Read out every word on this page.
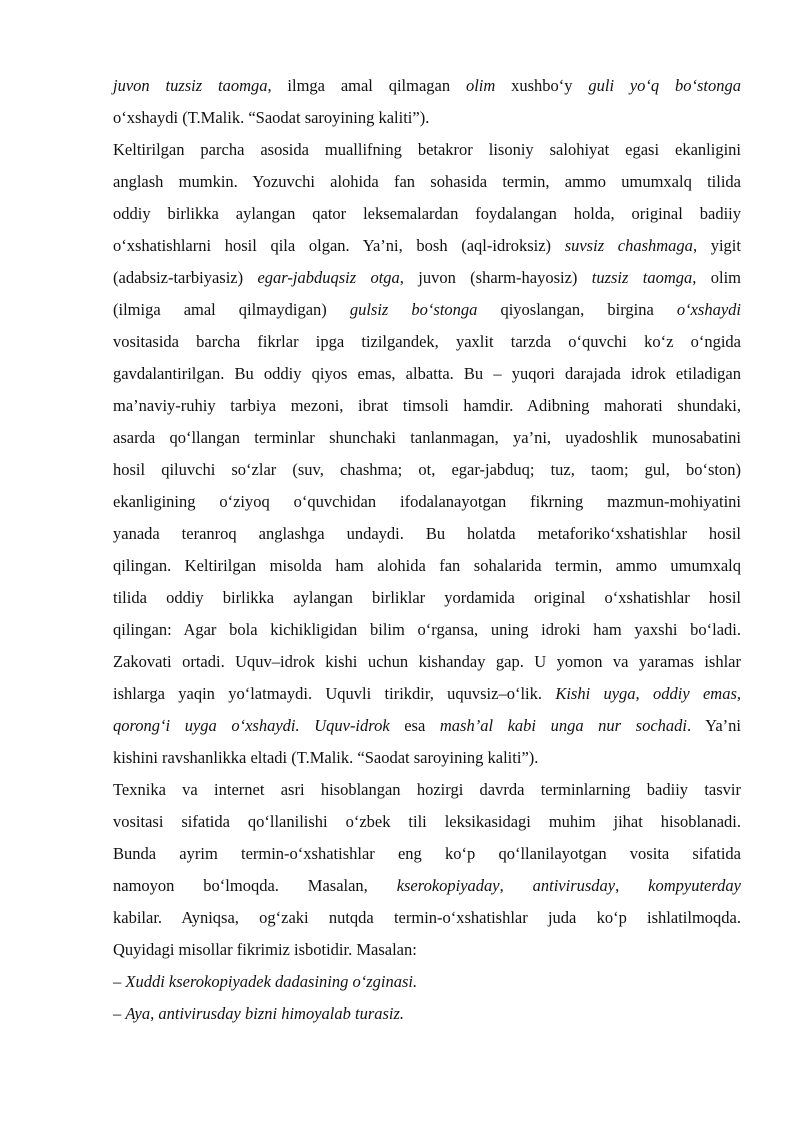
juvon tuzsiz taomga, ilmga amal qilmagan olim xushbo‘y guli yo‘q bo‘stonga
o‘xshaydi (T.Malik. “Saodat saroyining kaliti”).
Keltirilgan parcha asosida muallifning betakror lisoniy salohiyat egasi ekanligini
anglash mumkin. Yozuvchi alohida fan sohasida termin, ammo umumxalq tilida
oddiy birlikka aylangan qator leksemalardan foydalangan holda, original badiiy
o‘xshatishlarni hosil qila olgan. Ya’ni, bosh (aql-idroksiz) suvsiz chashmaga, yigit
(adabsiz-tarbiyasiz) egar-jabduqsiz otga, juvon (sharm-hayosiz) tuzsiz taomga, olim
(ilmiga amal qilmaydigan) gulsiz bo‘stonga qiyoslangan, birgina o‘xshaydi
vositasida barcha fikrlar ipga tizilgandek, yaxlit tarzda o‘quvchi ko‘z o‘ngida
gavdalantirilgan. Bu oddiy qiyos emas, albatta. Bu – yuqori darajada idrok etiladigan
ma’naviy-ruhiy tarbiya mezoni, ibrat timsoli hamdir. Adibning mahorati shundaki,
asarda qo‘llangan terminlar shunchaki tanlanmagan, ya’ni, uyadoshlik munosabatini
hosil qiluvchi so‘zlar (suv, chashma; ot, egar-jabduq; tuz, taom; gul, bo‘ston)
ekanligining o‘ziyoq o‘quvchidan ifodalanayotgan fikrning mazmun-mohiyatini
yanada teranroq anglashga undaydi. Bu holatda metaforiko‘xshatishlar hosil
qilingan. Keltirilgan misolda ham alohida fan sohalarida termin, ammo umumxalq
tilida oddiy birlikka aylangan birliklar yordamida original o‘xshatishlar hosil
qilingan: Agar bola kichikligidan bilim o‘rgansa, uning idroki ham yaxshi bo‘ladi.
Zakovati ortadi. Uquv–idrok kishi uchun kishanday gap. U yomon va yaramas ishlar
ishlarga yaqin yo‘latmaydi. Uquvli tirikdir, uquvsiz–o‘lik. Kishi uyga, oddiy emas,
qorong‘i uyga o‘xshaydi. Uquv-idrok esa mash’al kabi unga nur sochadi. Ya’ni
kishini ravshanlikka eltadi (T.Malik. “Saodat saroyining kaliti”).
Texnika va internet asri hisoblangan hozirgi davrda terminlarning badiiy tasvir
vositasi sifatida qo‘llanilishi o‘zbek tili leksikasidagi muhim jihat hisoblanadi.
Bunda ayrim termin-o‘xshatishlar eng ko‘p qo‘llanilayotgan vosita sifatida
namoyon bo‘lmoqda. Masalan, kserokopiyaday, antivirusday, kompyuterday
kabilar. Ayniqsa, og‘zaki nutqda termin-o‘xshatishlar juda ko‘p ishlatilmoqda.
Quyidagi misollar fikrimiz isbotidir. Masalan:
– Xuddi kserokopiyadek dadasining o‘zginasi.
– Aya, antivirusday bizni himoyalab turasiz.
